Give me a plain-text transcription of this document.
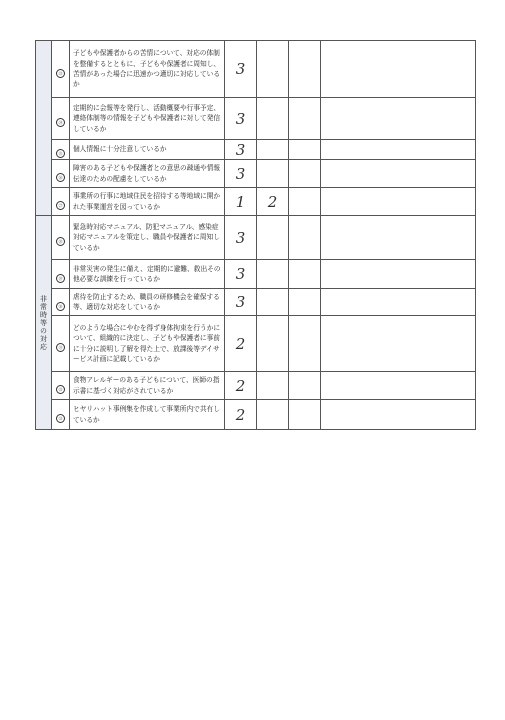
	㉓	子どもや保護者からの苦情について、対応の体制を整備するとともに、子どもや保護者に周知し、苦情があった場合に迅速かつ適切に対応しているか	3			
	㉔	定期的に会報等を発行し、活動概要や行事予定、連絡体制等の情報を子どもや保護者に対して発信しているか	3			
	㉕	個人情報に十分注意しているか	3			
	㉖	障害のある子どもや保護者との意思の疎通や情報伝達のための配慮をしているか	3			
	㉗	事業所の行事に地域住民を招待する等地域に開かれた事業運営を図っているか	1	2		

非常時等の対応	㉘	緊急時対応マニュアル、防犯マニュアル、感染症対応マニュアルを策定し、職員や保護者に周知しているか	3			
	㉙	非常災害の発生に備え、定期的に避難、救出その他必要な訓練を行っているか	3			
	㉚	虐待を防止するため、職員の研修機会を確保する等、適切な対応をしているか	3			
	㉛	どのような場合にやむを得ず身体拘束を行うかについて、組織的に決定し、子どもや保護者に事前に十分に説明し了解を得た上で、放課後等デイサービス計画に記載しているか	2			
	㉜	食物アレルギーのある子どもについて、医師の指示書に基づく対応がされているか	2			
	㉝	ヒヤリハット事例集を作成して事業所内で共有しているか	2			
